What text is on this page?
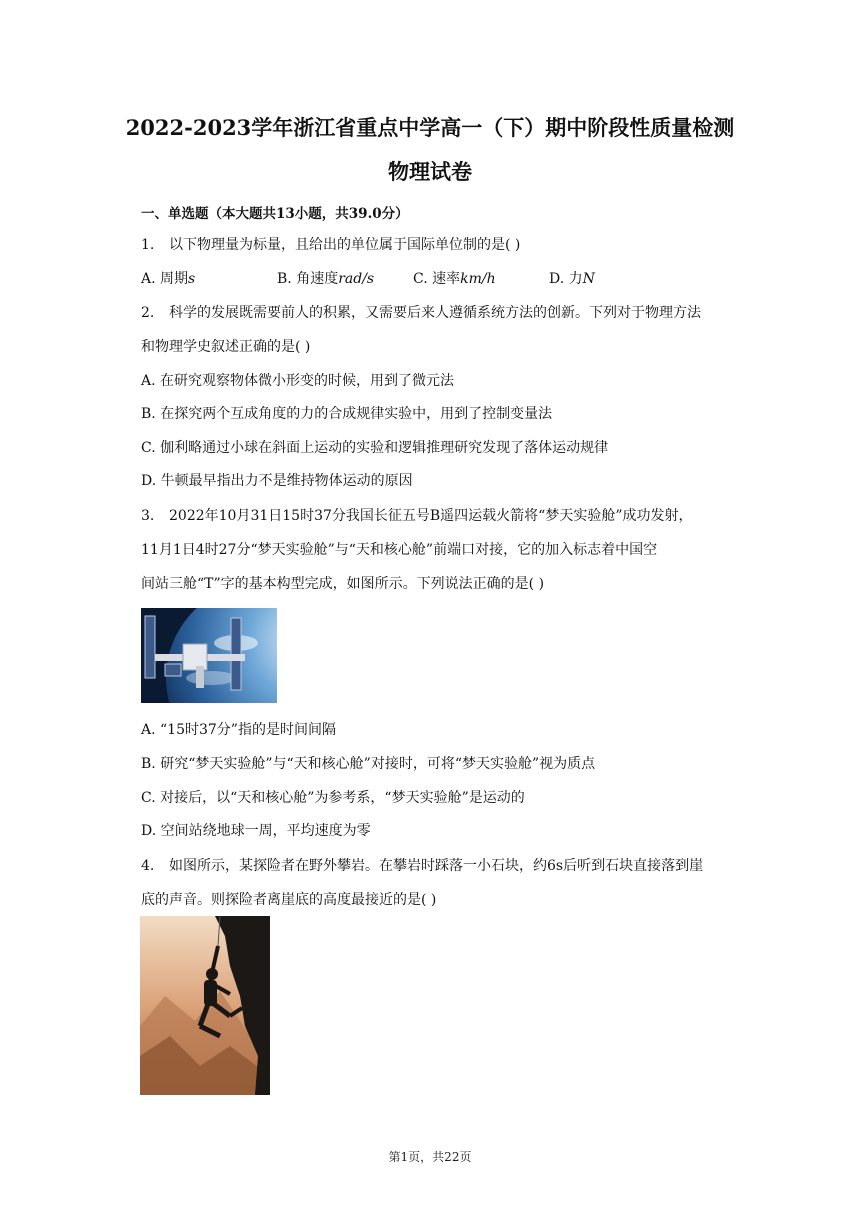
2022-2023学年浙江省重点中学高一（下）期中阶段性质量检测
物理试卷
一、单选题（本大题共13小题，共39.0分）
1. 以下物理量为标量，且给出的单位属于国际单位制的是( )
A. 周期s	B. 角速度rad/s	C. 速率km/h	D. 力N
2. 科学的发展既需要前人的积累，又需要后来人遵循系统方法的创新。下列对于物理方法
和物理学史叙述正确的是( )
A. 在研究观察物体微小形变的时候，用到了微元法
B. 在探究两个互成角度的力的合成规律实验中，用到了控制变量法
C. 伽利略通过小球在斜面上运动的实验和逻辑推理研究发现了落体运动规律
D. 牛顿最早指出力不是维持物体运动的原因
3. 2022年10月31日15时37分我国长征五号B遥四运载火箭将“梦天实验舱”成功发射，
11月1日4时27分“梦天实验舱”与“天和核心舱”前端口对接，它的加入标志着中国空
间站三舱“T”字的基本构型完成，如图所示。下列说法正确的是( )
A. “15时37分”指的是时间间隔
B. 研究“梦天实验舱”与“天和核心舱”对接时，可将“梦天实验舱”视为质点
C. 对接后，以“天和核心舱”为参考系，“梦天实验舱”是运动的
D. 空间站绕地球一周，平均速度为零
4. 如图所示，某探险者在野外攀岩。在攀岩时踩落一小石块，约6s后听到石块直接落到崖
底的声音。则探险者离崖底的高度最接近的是( )
第1页，共22页
